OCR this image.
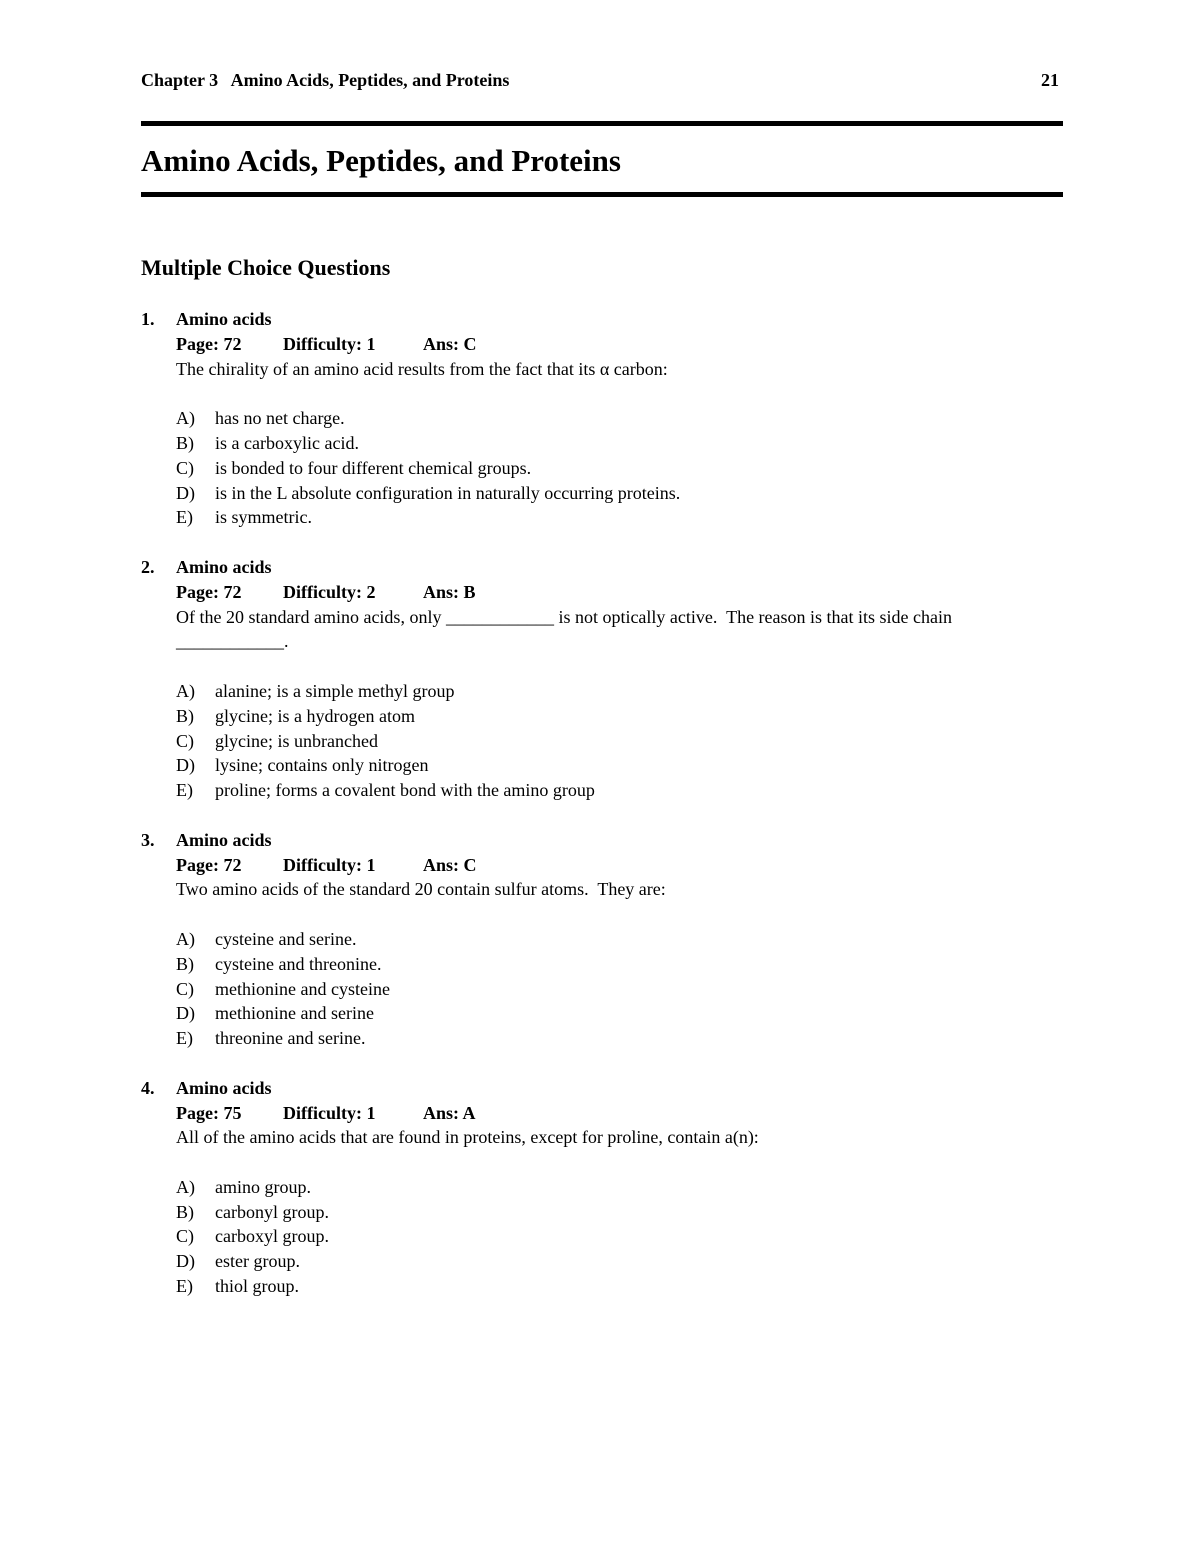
Chapter 3   Amino Acids, Peptides, and Proteins	21
Amino Acids, Peptides, and Proteins
Multiple Choice Questions
1. Amino acids
Page: 72 Difficulty: 1	Ans: C
The chirality of an amino acid results from the fact that its α carbon:
A) has no net charge.
B) is a carboxylic acid.
C) is bonded to four different chemical groups.
D) is in the L absolute configuration in naturally occurring proteins.
E) is symmetric.
2. Amino acids
Page: 72 Difficulty: 2	Ans: B
Of the 20 standard amino acids, only ____________ is not optically active.  The reason is that its side chain ____________.
A) alanine; is a simple methyl group
B) glycine; is a hydrogen atom
C) glycine; is unbranched
D) lysine; contains only nitrogen
E) proline; forms a covalent bond with the amino group
3. Amino acids
Page: 72 Difficulty: 1	Ans: C
Two amino acids of the standard 20 contain sulfur atoms.  They are:
A) cysteine and serine.
B) cysteine and threonine.
C) methionine and cysteine
D) methionine and serine
E) threonine and serine.
4. Amino acids
Page: 75 Difficulty: 1	Ans: A
All of the amino acids that are found in proteins, except for proline, contain a(n):
A) amino group.
B) carbonyl group.
C) carboxyl group.
D) ester group.
E) thiol group.
